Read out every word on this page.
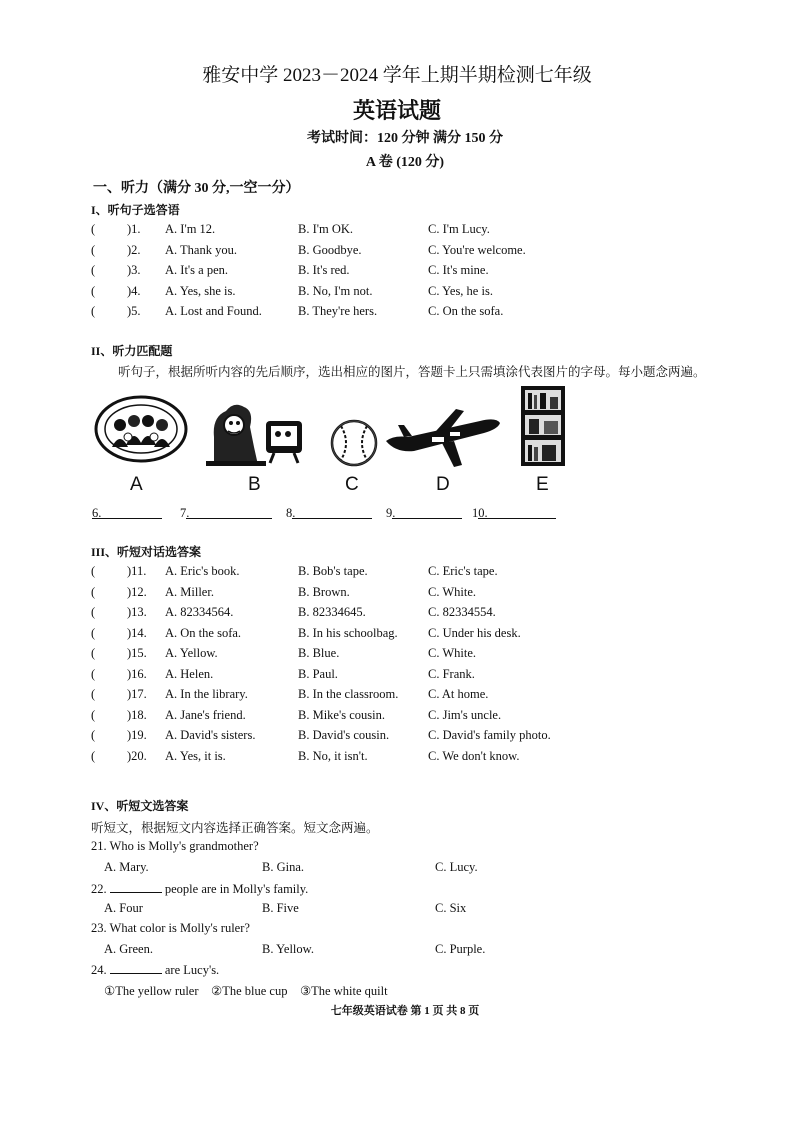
雅安中学 2023－2024 学年上期半期检测七年级
英语试题
考试时间：120 分钟 满分 150 分
A 卷 (120 分)
一、听力（满分 30 分,一空一分）
I、听句子选答语
(	)1. A. I'm 12.	B. I'm OK.	C. I'm Lucy.
(	)2. A. Thank you.	B. Goodbye.	C. You're welcome.
(	)3. A. It's a pen.	B. It's red.	C. It's mine.
(	)4. A. Yes, she is.	B. No, I'm not.	C. Yes, he is.
(	)5. A. Lost and Found.	B. They're hers.	C. On the sofa.
II、听力匹配题
听句子，根据所听内容的先后顺序，选出相应的图片，答题卡上只需填涂代表图片的字母。每小题念两遍。
A	B	C	D	E
6.	7.	8.	9.	10.
III、听短对话选答案
(	)11. A. Eric's book.	B. Bob's tape.	C. Eric's tape.
(	)12. A. Miller.	B. Brown.	C. White.
(	)13. A. 82334564.	B. 82334645.	C. 82334554.
(	)14. A. On the sofa.	B. In his schoolbag. C. Under his desk.
(	)15. A. Yellow.	B. Blue.	C. White.
(	)16. A. Helen.	B. Paul.	C. Frank.
(	)17. A. In the library.	B. In the classroom. C. At home.
(	)18. A. Jane's friend.	B. Mike's cousin.	C. Jim's uncle.
(	)19. A. David's sisters.	B. David's cousin.	C. David's family photo.
(	)20. A. Yes, it is.	B. No, it isn't.	C. We don't know.
IV、听短文选答案
听短文，根据短文内容选择正确答案。短文念两遍。
21. Who is Molly's grandmother?
A. Mary.	B. Gina.	C. Lucy.
22.	people are in Molly's family.
A. Four	B. Five	C. Six
23. What color is Molly's ruler?
A. Green.	B. Yellow.	C. Purple.
24.	are Lucy's.
①The yellow ruler    ②The blue cup    ③The white quilt
七年级英语试卷 第 1 页 共 8 页
